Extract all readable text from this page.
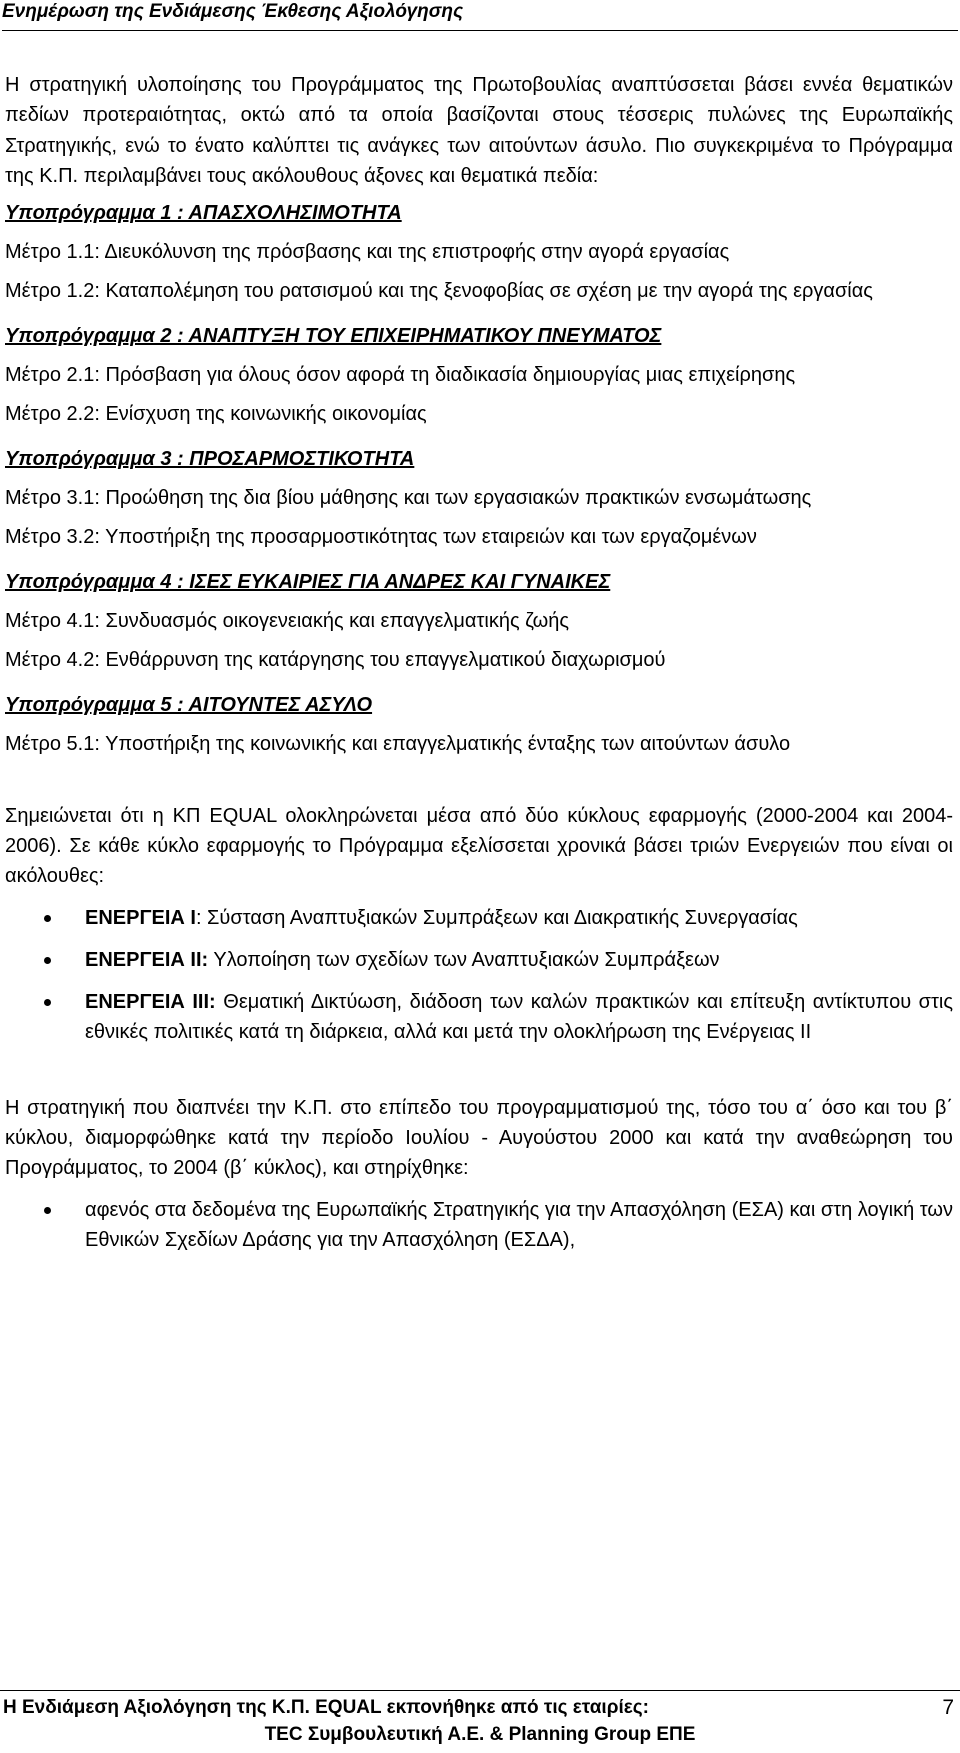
Ενημέρωση της Ενδιάμεσης Έκθεσης Αξιολόγησης

Η στρατηγική υλοποίησης του Προγράμματος της Πρωτοβουλίας αναπτύσσεται βάσει εννέα θεματικών πεδίων προτεραιότητας, οκτώ από τα οποία βασίζονται στους τέσσερις πυλώνες της Ευρωπαϊκής Στρατηγικής, ενώ το ένατο καλύπτει τις ανάγκες των αιτούντων άσυλο. Πιο συγκεκριμένα το Πρόγραμμα της Κ.Π. περιλαμβάνει τους ακόλουθους άξονες και θεματικά πεδία:

Υποπρόγραμμα 1 : ΑΠΑΣΧΟΛΗΣΙΜΟΤΗΤΑ
Μέτρο 1.1: Διευκόλυνση της πρόσβασης και της επιστροφής στην αγορά εργασίας
Μέτρο 1.2: Καταπολέμηση του ρατσισμού και της ξενοφοβίας σε σχέση με την αγορά της εργασίας
Υποπρόγραμμα 2 : ΑΝΑΠΤΥΞΗ ΤΟΥ ΕΠΙΧΕΙΡΗΜΑΤΙΚΟΥ ΠΝΕΥΜΑΤΟΣ
Μέτρο 2.1: Πρόσβαση για όλους όσον αφορά τη διαδικασία δημιουργίας μιας επιχείρησης
Μέτρο 2.2: Ενίσχυση της κοινωνικής οικονομίας
Υποπρόγραμμα 3 : ΠΡΟΣΑΡΜΟΣΤΙΚΟΤΗΤΑ
Μέτρο 3.1: Προώθηση της δια βίου μάθησης και των εργασιακών πρακτικών ενσωμάτωσης
Μέτρο 3.2: Υποστήριξη της προσαρμοστικότητας των εταιρειών και των εργαζομένων
Υποπρόγραμμα 4 : ΙΣΕΣ ΕΥΚΑΙΡΙΕΣ ΓΙΑ ΑΝΔΡΕΣ ΚΑΙ ΓΥΝΑΙΚΕΣ
Μέτρο 4.1: Συνδυασμός οικογενειακής και επαγγελματικής ζωής
Μέτρο 4.2: Ενθάρρυνση της κατάργησης του επαγγελματικού διαχωρισμού
Υποπρόγραμμα 5 : ΑΙΤΟΥΝΤΕΣ ΑΣΥΛΟ
Μέτρο 5.1: Υποστήριξη της κοινωνικής και επαγγελματικής ένταξης των αιτούντων άσυλο

Σημειώνεται ότι η ΚΠ EQUAL ολοκληρώνεται μέσα από δύο κύκλους εφαρμογής (2000-2004 και 2004-2006). Σε κάθε κύκλο εφαρμογής το Πρόγραμμα εξελίσσεται χρονικά βάσει τριών Ενεργειών που είναι οι ακόλουθες:

ΕΝΕΡΓΕΙΑ Ι: Σύσταση Αναπτυξιακών Συμπράξεων και Διακρατικής Συνεργασίας
ΕΝΕΡΓΕΙΑ ΙΙ: Υλοποίηση των σχεδίων των Αναπτυξιακών Συμπράξεων
ΕΝΕΡΓΕΙΑ ΙΙΙ: Θεματική Δικτύωση, διάδοση των καλών πρακτικών και επίτευξη αντίκτυπου στις εθνικές πολιτικές κατά τη διάρκεια, αλλά και μετά την ολοκλήρωση της Ενέργειας ΙΙ

Η στρατηγική που διαπνέει την Κ.Π. στο επίπεδο του προγραμματισμού της, τόσο του α΄ όσο και του β΄ κύκλου, διαμορφώθηκε κατά την περίοδο Ιουλίου - Αυγούστου 2000 και κατά την αναθεώρηση του Προγράμματος, το 2004 (β΄ κύκλος), και στηρίχθηκε:

αφενός στα δεδομένα της Ευρωπαϊκής Στρατηγικής για την Απασχόληση (ΕΣΑ) και στη λογική των Εθνικών Σχεδίων Δράσης για την Απασχόληση (ΕΣΔΑ),
Η Ενδιάμεση Αξιολόγηση της Κ.Π. EQUAL εκπονήθηκε από τις εταιρίες:
TEC Συμβουλευτική Α.Ε. & Planning Group ΕΠΕ
7
